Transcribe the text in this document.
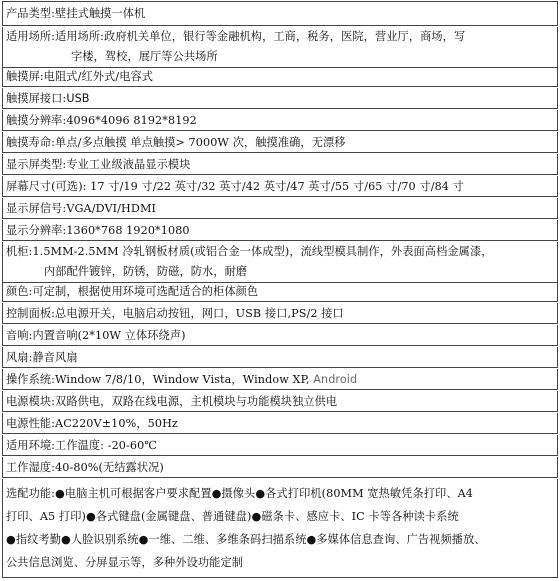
产品类型:壁挂式触摸一体机
适用场所:适用场所:政府机关单位，银行等金融机构，工商，税务，医院，营业厅，商场，写
字楼，驾校，展厅等公共场所
触摸屏:电阻式/红外式/电容式
触摸屏接口:USB
触摸分辨率:4096*4096 8192*8192
触摸寿命:单点/多点触摸 单点触摸> 7000W 次，触摸准确，无漂移
显示屏类型:专业工业级液晶显示模块
屏幕尺寸(可选): 17 寸/19 寸/22 英寸/32 英寸/42 英寸/47 英寸/55 寸/65 寸/70 寸/84 寸
显示屏信号:VGA/DVI/HDMI
显示分辨率:1360*768 1920*1080
机柜:1.5MM-2.5MM 冷轧钢板材质(或铝合金一体成型)，流线型模具制作，外表面高档金属漆，
内部配件镀锌，防锈，防磁，防水，耐磨
颜色:可定制，根据使用环境可选配适合的柜体颜色
控制面板:总电源开关，电脑启动按钮，网口，USB 接口,PS/2 接口
音响:内置音响(2*10W 立体环绕声)
风扇:静音风扇
操作系统:Window 7/8/10，Window Vista，Window XP, Android
电源模块:双路供电，双路在线电源，主机模块与功能模块独立供电
电源性能:AC220V±10%，50Hz
适用环境:工作温度: -20-60℃
工作湿度:40-80%(无结露状况)
选配功能:●电脑主机可根据客户要求配置●摄像头●各式打印机(80MM 宽热敏凭条打印、A4
打印、A5 打印)●各式键盘(金属键盘、普通键盘)●磁条卡、感应卡、IC 卡等各种读卡系统
●指纹考勤●人脸识别系统●一维、二维、多维条码扫描系统●多媒体信息查询、广告视频播放、
公共信息浏览、分屏显示等，多种外设功能定制
